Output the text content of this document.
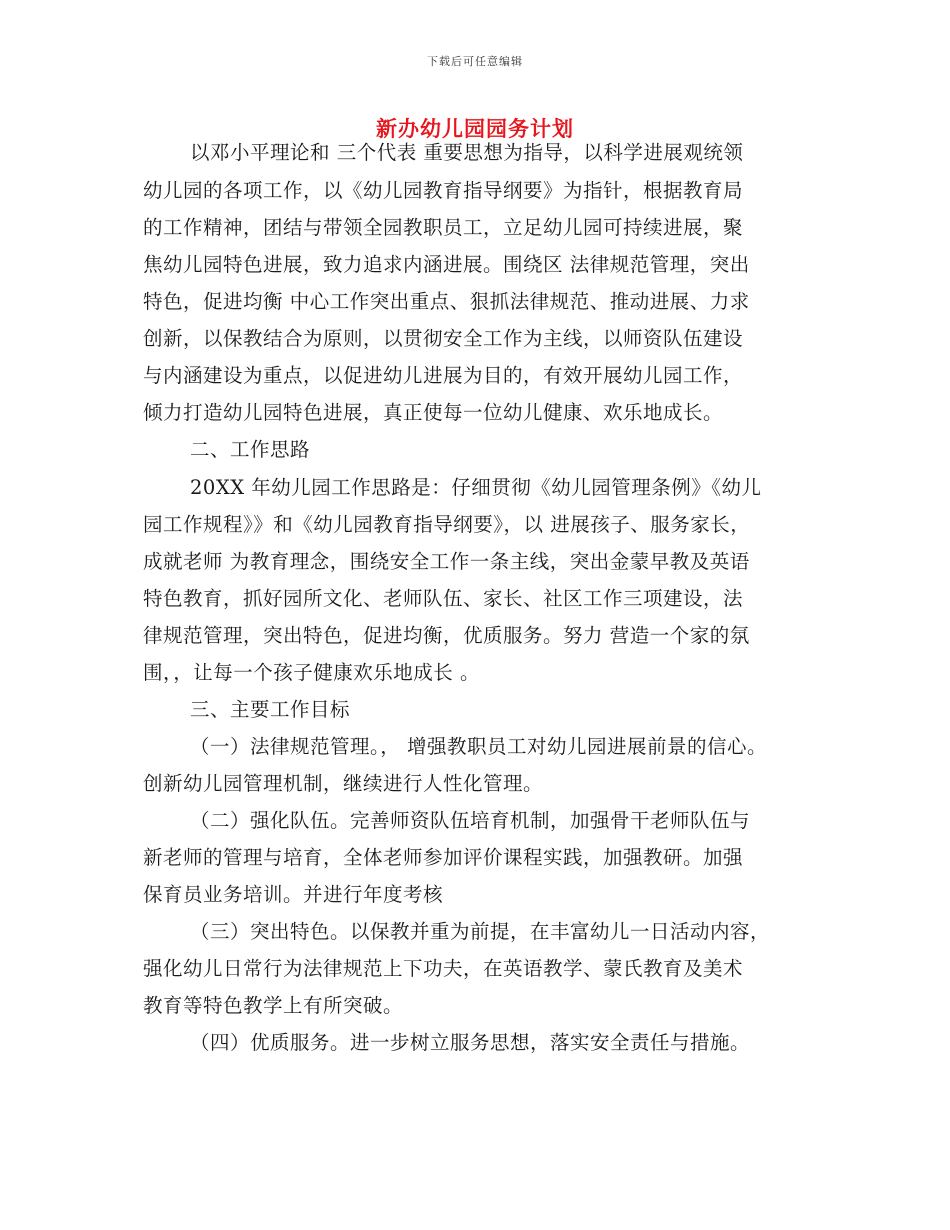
下载后可任意编辑
新办幼儿园园务计划
以邓小平理论和 三个代表 重要思想为指导，以科学进展观统领
幼儿园的各项工作，以《幼儿园教育指导纲要》为指针，根据教育局
的工作精神，团结与带领全园教职员工，立足幼儿园可持续进展，聚
焦幼儿园特色进展，致力追求内涵进展。围绕区 法律规范管理，突出
特色，促进均衡 中心工作突出重点、狠抓法律规范、推动进展、力求
创新，以保教结合为原则，以贯彻安全工作为主线，以师资队伍建设
与内涵建设为重点，以促进幼儿进展为目的，有效开展幼儿园工作，
倾力打造幼儿园特色进展，真正使每一位幼儿健康、欢乐地成长。
二、工作思路
20XX 年幼儿园工作思路是：仔细贯彻《幼儿园管理条例》《幼儿
园工作规程》》和《幼儿园教育指导纲要》，以 进展孩子、服务家长，
成就老师 为教育理念，围绕安全工作一条主线，突出金蒙早教及英语
特色教育，抓好园所文化、老师队伍、家长、社区工作三项建设，法
律规范管理，突出特色，促进均衡，优质服务。努力 营造一个家的氛
围，，让每一个孩子健康欢乐地成长 。
三、主要工作目标
（一）法律规范管理。， 增强教职员工对幼儿园进展前景的信心。
创新幼儿园管理机制，继续进行人性化管理。
（二）强化队伍。完善师资队伍培育机制，加强骨干老师队伍与
新老师的管理与培育，全体老师参加评价课程实践，加强教研。加强
保育员业务培训。并进行年度考核
（三）突出特色。以保教并重为前提，在丰富幼儿一日活动内容，
强化幼儿日常行为法律规范上下功夫，在英语教学、蒙氏教育及美术
教育等特色教学上有所突破。
（四）优质服务。进一步树立服务思想，落实安全责任与措施。
